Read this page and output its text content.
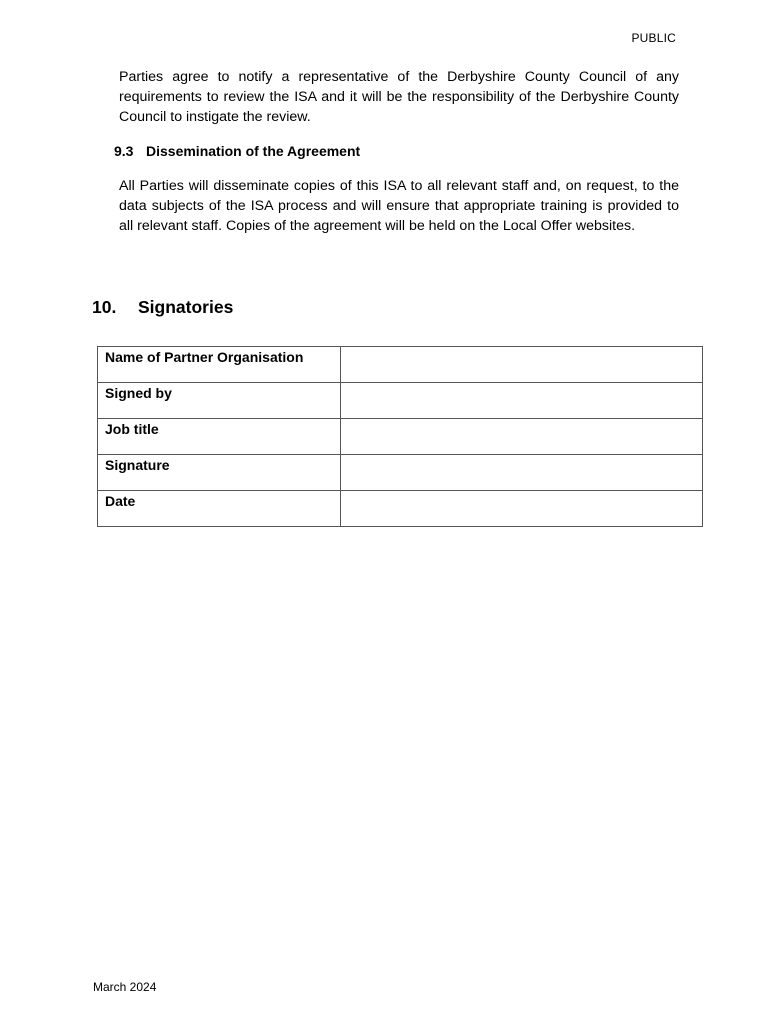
PUBLIC

Parties agree to notify a representative of the Derbyshire County Council of any requirements to review the ISA and it will be the responsibility of the Derbyshire County Council to instigate the review.

9.3 Dissemination of the Agreement

All Parties will disseminate copies of this ISA to all relevant staff and, on request, to the data subjects of the ISA process and will ensure that appropriate training is provided to all relevant staff. Copies of the agreement will be held on the Local Offer websites.

10. Signatories
Name of Partner Organisation	
Signed by	
Job title	
Signature	
Date	
March 2024
